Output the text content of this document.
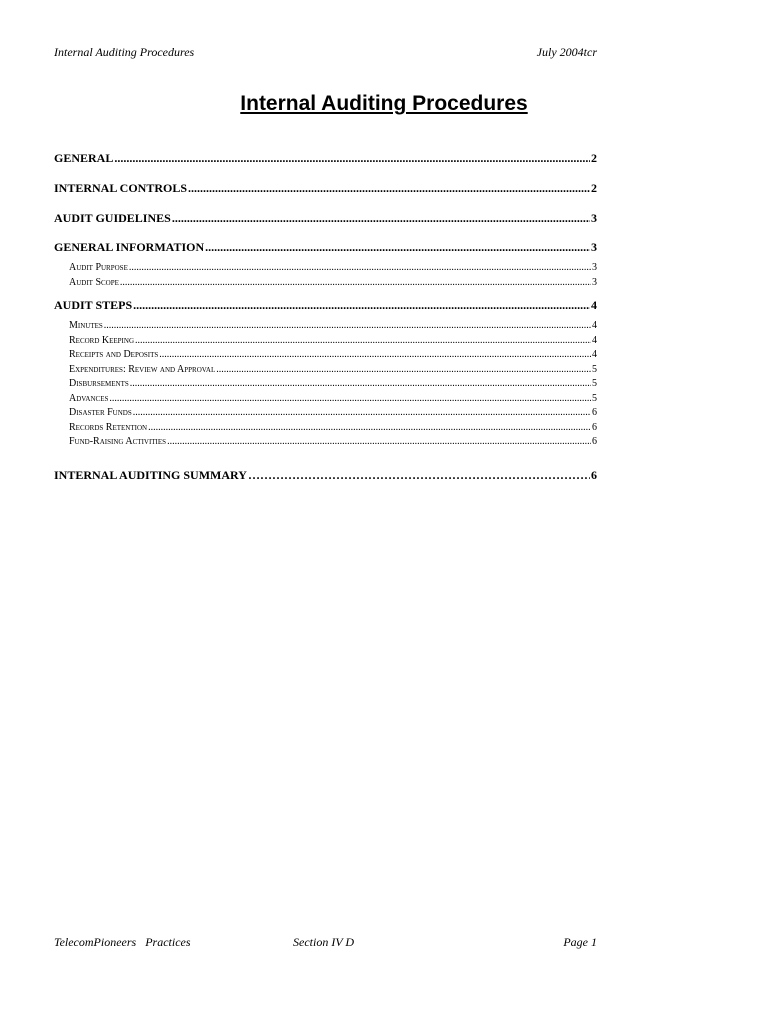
Internal Auditing Procedures	July 2004tcr
Internal Auditing Procedures
GENERAL .....	2
INTERNAL CONTROLS .....	2
AUDIT GUIDELINES .....	3
GENERAL INFORMATION .....	3
Audit Purpose .....	3
Audit Scope .....	3
AUDIT STEPS .....	4
Minutes .....	4
Record Keeping .....	4
Receipts and Deposits .....	4
Expenditures: Review and Approval .....	5
Disbursements .....	5
Advances .....	5
Disaster Funds .....	6
Records Retention .....	6
Fund-Raising Activities .....	6
INTERNAL AUDITING SUMMARY ………………………………………………………………………………………………………………………………………………	6
TelecomPioneers   Practices	Section IV D	Page 1
